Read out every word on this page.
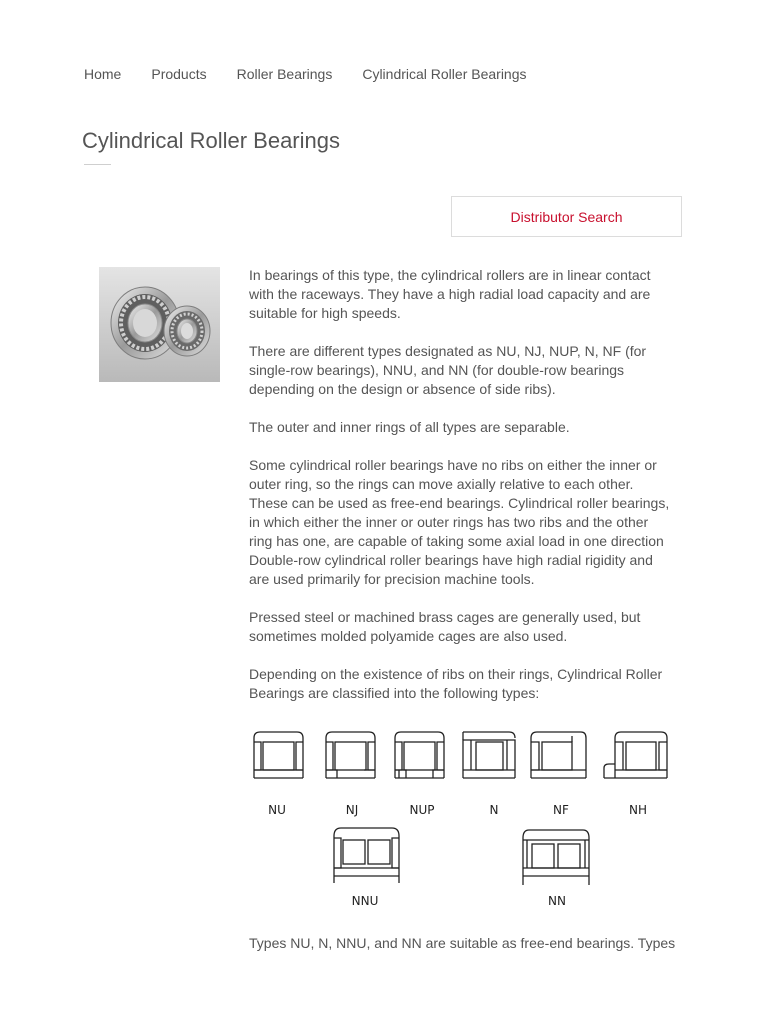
Home Products Roller Bearings Cylindrical Roller Bearings
Cylindrical Roller Bearings
Distributor Search

In bearings of this type, the cylindrical rollers are in linear contact with the raceways. They have a high radial load capacity and are suitable for high speeds.

There are different types designated as NU, NJ, NUP, N, NF (for single-row bearings), NNU, and NN (for double-row bearings depending on the design or absence of side ribs).

The outer and inner rings of all types are separable.

Some cylindrical roller bearings have no ribs on either the inner or outer ring, so the rings can move axially relative to each other. These can be used as free-end bearings. Cylindrical roller bearings, in which either the inner or outer rings has two ribs and the other ring has one, are capable of taking some axial load in one direction Double-row cylindrical roller bearings have high radial rigidity and are used primarily for precision machine tools.

Pressed steel or machined brass cages are generally used, but sometimes molded polyamide cages are also used.

Depending on the existence of ribs on their rings, Cylindrical Roller Bearings are classified into the following types:

NU	NJ	NUP	N	NF	NH
NNU	NN
Types NU, N, NNU, and NN are suitable as free-end bearings. Types
